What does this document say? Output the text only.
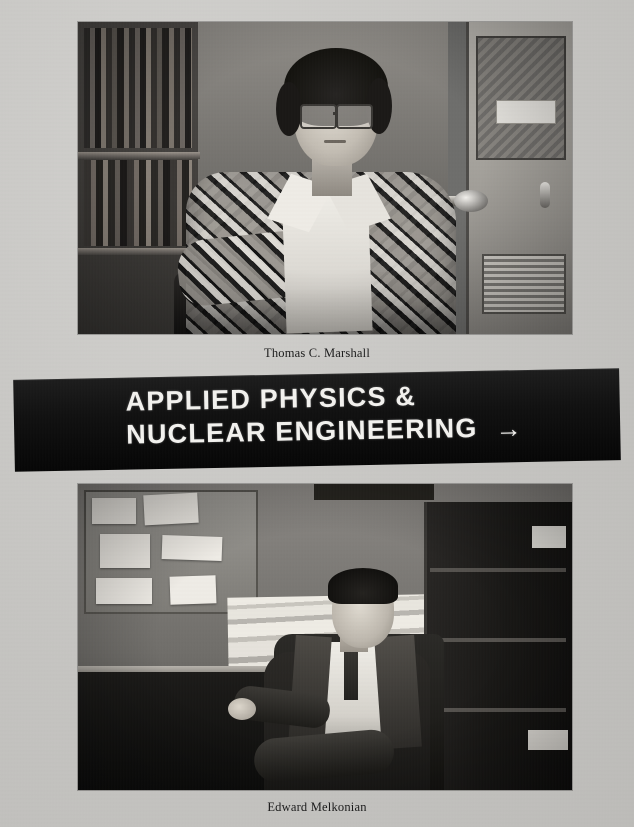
Thomas C. Marshall
APPLIED PHYSICS &
NUCLEAR ENGINEERING →
Edward Melkonian
